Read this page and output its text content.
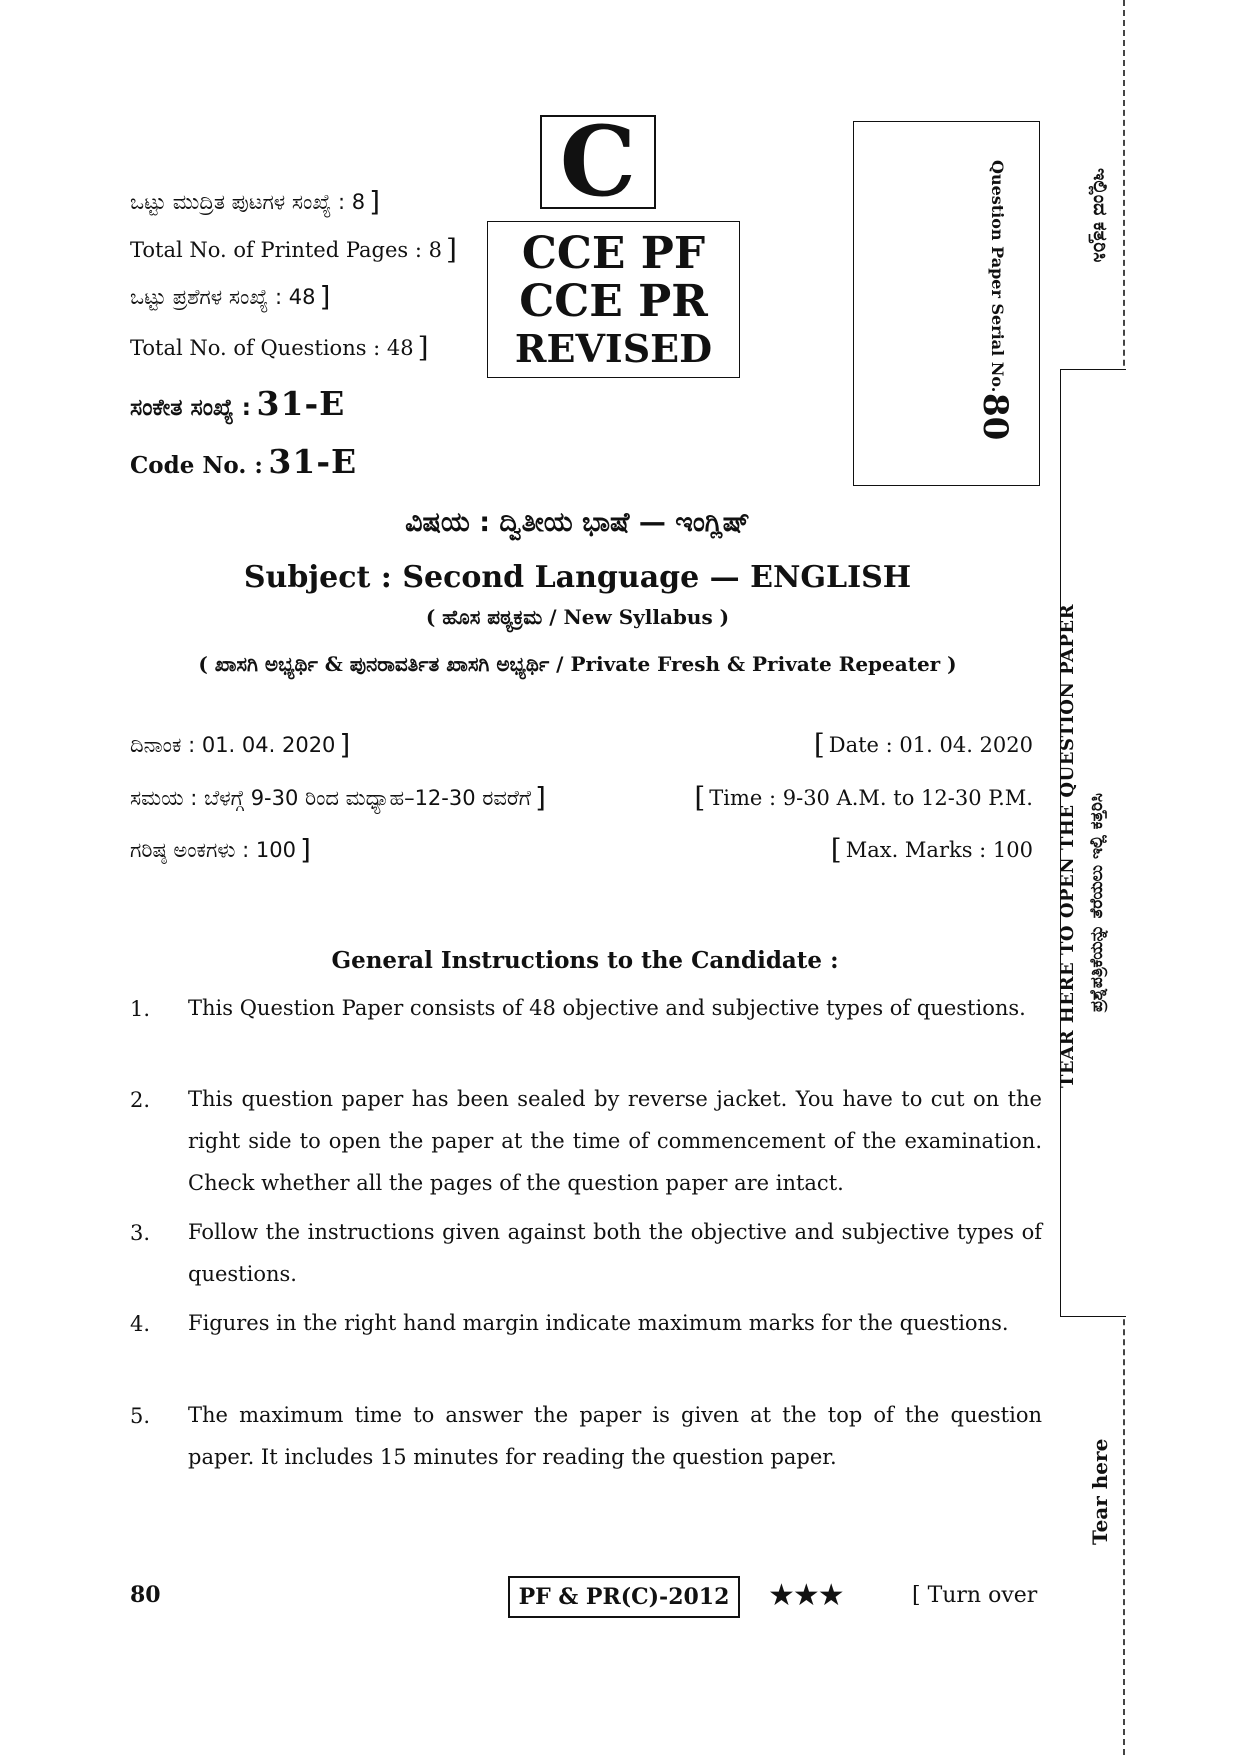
ಇಲ್ಲಿಂದ ಕತ್ತರಿಸಿ
TEAR HERE TO OPEN THE QUESTION PAPER ಪ್ರಶ್ನೆಪತ್ರಿಕೆಯನ್ನು ತೆರೆಯಲು ಇಲ್ಲಿ ಕತ್ತರಿಸಿ
Tear here
ಒಟ್ಟು ಮುದ್ರಿತ ಪುಟಗಳ ಸಂಖ್ಯೆ : 8 ]
Total No. of Printed Pages : 8 ]
ಒಟ್ಟು ಪ್ರಶೆಗಳ ಸಂಖ್ಯೆ : 48 ]
Total No. of Questions : 48 ]
ಸಂಕೇತ ಸಂಖ್ಯೆ : 31-E
Code No. : 31-E
C
CCE PF
CCE PR
REVISED	Question Paper Serial No.
80
ವಿಷಯ : ದ್ವಿತೀಯ ಭಾಷೆ — ಇಂಗ್ಲಿಷ್
Subject : Second Language — ENGLISH
( ಹೊಸ ಪಠ್ಯಕ್ರಮ / New Syllabus )
( ಖಾಸಗಿ ಅಭ್ಯರ್ಥಿ & ಪುನರಾವರ್ತಿತ ಖಾಸಗಿ ಅಭ್ಯರ್ಥಿ / Private Fresh & Private Repeater )
ದಿನಾಂಕ : 01. 04. 2020 ]	[ Date : 01. 04. 2020
ಸಮಯ : ಬೆಳಗ್ಗೆ 9-30 ರಿಂದ ಮಧ್ಯಾಹ–12-30 ರವರೆಗೆ ]	[ Time : 9-30 A.M. to 12-30 P.M.
ಗರಿಷ್ಠ ಅಂಕಗಳು : 100 ]	[ Max. Marks : 100
General Instructions to the Candidate :
1. This Question Paper consists of 48 objective and subjective types of questions.
2. This question paper has been sealed by reverse jacket. You have to cut on the right side to open the paper at the time of commencement of the examination. Check whether all the pages of the question paper are intact.
3. Follow the instructions given against both the objective and subjective types of questions.
4. Figures in the right hand margin indicate maximum marks for the questions.
5. The maximum time to answer the paper is given at the top of the question paper. It includes 15 minutes for reading the question paper.
80	PF & PR(C)-2012	★★★	[ Turn over
